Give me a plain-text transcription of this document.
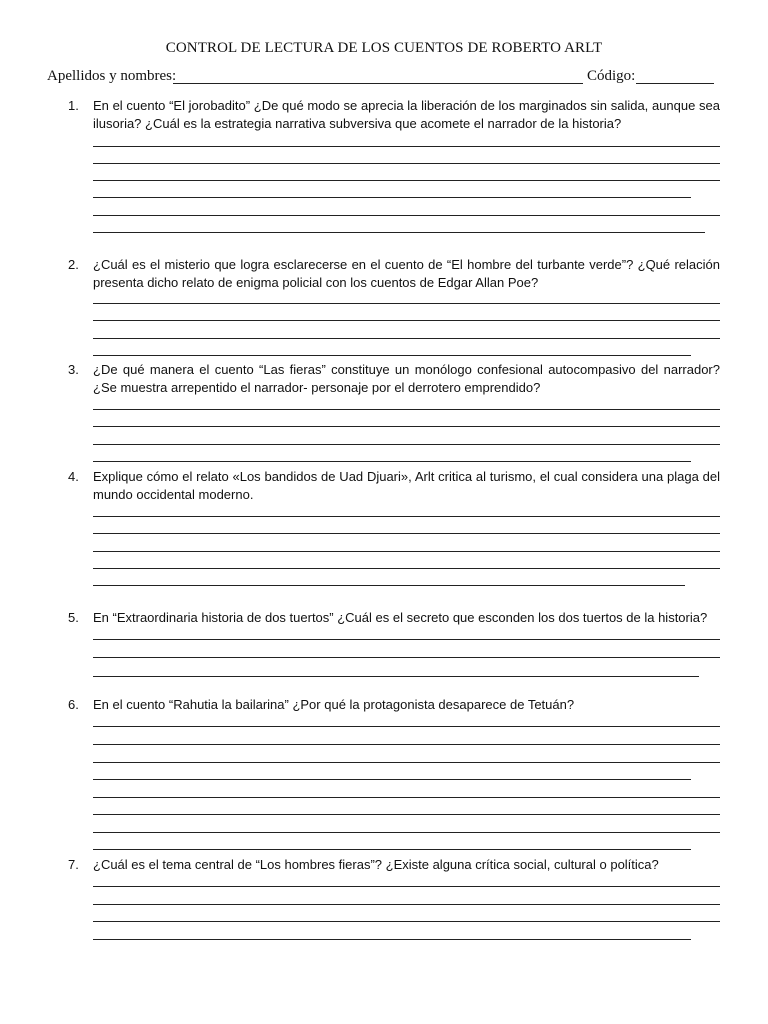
CONTROL DE LECTURA DE LOS CUENTOS DE ROBERTO ARLT
Apellidos y nombres:	Código:
1.	En el cuento “El jorobadito” ¿De qué modo se aprecia la liberación de los marginados sin salida, aunque sea ilusoria? ¿Cuál es la estrategia narrativa subversiva que acomete el narrador de la historia?
2.	¿Cuál es el misterio que logra esclarecerse en el cuento de “El hombre del turbante verde”? ¿Qué relación presenta dicho relato de enigma policial con los cuentos de Edgar Allan Poe?
3.	¿De qué manera el cuento “Las fieras” constituye un monólogo confesional autocompasivo del narrador? ¿Se muestra arrepentido el narrador- personaje por el derrotero emprendido?
4.	Explique cómo el relato «Los bandidos de Uad Djuari», Arlt critica al turismo, el cual considera una plaga del mundo occidental moderno.
5.	En “Extraordinaria historia de dos tuertos” ¿Cuál es el secreto que esconden los dos tuertos de la historia?
6.	En el cuento “Rahutia la bailarina” ¿Por qué la protagonista desaparece de Tetuán?
7.	¿Cuál es el tema central de “Los hombres fieras”? ¿Existe alguna crítica social, cultural o política?
